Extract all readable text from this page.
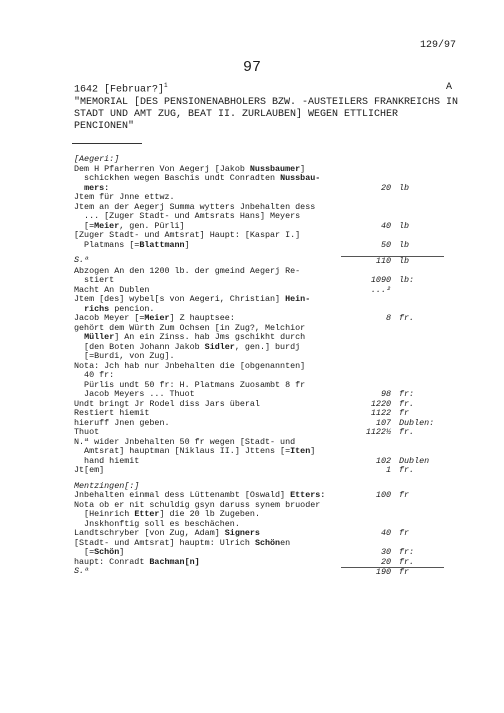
129/97
97
1642 [Februar?]$^1$	A
"MEMORIAL [DES PENSIONENABHOLERS BZW. -AUSTEILERS FRANKREICHS IN STADT UND AMT ZUG, BEAT II. ZURLAUBEN] WEGEN ETTLICHER PENCIONEN"
[Aegeri:]
Dem H Pfarherren Von Aegerj [Jakob Nussbaumer]
schickhen wegen Baschis undt Conradten Nussbau-
mers:	20 lb
Jtem für Jnne ettwz.
Jtem an der Aegerj Summa wytters Jnbehalten dess
... [Zuger Stadt- und Amtsrats Hans] Meyers
[=Meier, gen. Pürli]	40 lb
[Zuger Stadt- und Amtsrat] Haupt: [Kaspar I.]
Platmans [=Blattmann]	50 lb
S.ª	110 lb
Abzogen An den 1200 lb. der gmeind Aegerj Re-
stiert	1090 lb:
Macht An Dublen	...²
Jtem [des] wybel[s von Aegeri, Christian] Hein-
richs pencion.
Jacob Meyer [=Meier] Z hauptsee:	8 fr.
gehört dem Würth Zum Ochsen [in Zug?, Melchior
Müller] An ein Zinss. hab Jms gschikht durch
[den Boten Johann Jakob Sidler, gen.] burdj
[=Burdi, von Zug].
Nota: Jch hab nur Jnbehalten die [obgenannten]
40 fr:
Pürlis undt 50 fr: H. Platmans Zuosambt 8 fr
Jacob Meyers ... Thuot	98 fr:
Undt bringt Jr Rodel diss Jars überal	1220 fr.
Restiert hiemit	1122 fr
hieruff Jnen geben.	107 Dublen:
Thuot	1122½ fr.
N.ª wider Jnbehalten 50 fr wegen [Stadt- und
Amtsrat] hauptman [Niklaus II.] Jttens [=Iten]
hand hiemit	102 Dublen
Jt[em]	1 fr.
Mentzingen[:]
Jnbehalten einmal dess Lüttenambt [Oswald] Etters:	100 fr
Nota ob er nit schuldig gsyn daruss synem bruoder
[Heinrich Etter] die 20 lb Zugeben.
Jnskhonftig soll es beschächen.
Landtschryber [von Zug, Adam] Signers	40 fr
[Stadt- und Amtsrat] hauptm: Ulrich Schönen
[=Schön]	30 fr:
haupt: Conradt Bachman[n]	20 fr.
S.ª	190 fr
